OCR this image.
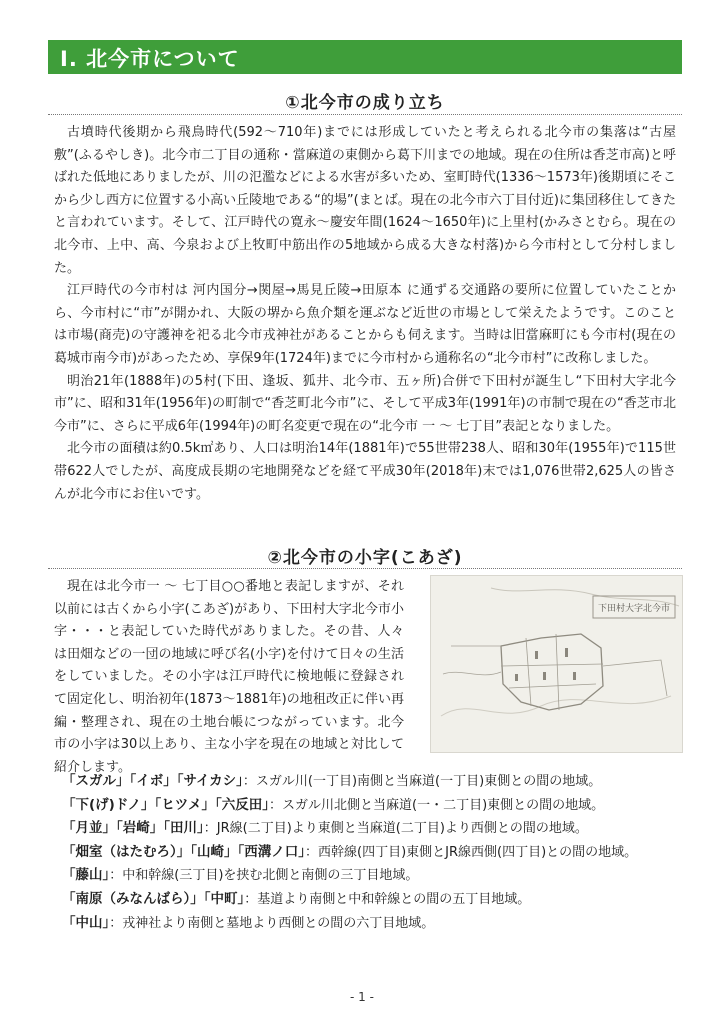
I. 北今市について
①北今市の成り立ち

古墳時代後期から飛鳥時代(592〜710年)までには形成していたと考えられる北今市の集落は“古屋敷”(ふるやしき)。北今市二丁目の通称・當麻道の東側から葛下川までの地域。現在の住所は香芝市高)と呼ばれた低地にありましたが、川の氾濫などによる水害が多いため、室町時代(1336〜1573年)後期頃にそこから少し西方に位置する小高い丘陵地である“的場”(まとば。現在の北今市六丁目付近)に集団移住してきたと言われています。そして、江戸時代の寛永〜慶安年間(1624〜1650年)に上里村(かみさとむら。現在の北今市、上中、高、今泉および上牧町中筋出作の5地域から成る大きな村落)から今市村として分村しました。

江戸時代の今市村は 河内国分→関屋→馬見丘陵→田原本 に通ずる交通路の要所に位置していたことから、今市村に“市”が開かれ、大阪の堺から魚介類を運ぶなど近世の市場として栄えたようです。このことは市場(商売)の守護神を祀る北今市戎神社があることからも伺えます。当時は旧當麻町にも今市村(現在の葛城市南今市)があったため、享保9年(1724年)までに今市村から通称名の“北今市村”に改称しました。

明治21年(1888年)の5村(下田、逢坂、狐井、北今市、五ヶ所)合併で下田村が誕生し“下田村大字北今市”に、昭和31年(1956年)の町制で“香芝町北今市”に、そして平成3年(1991年)の市制で現在の“香芝市北今市”に、さらに平成6年(1994年)の町名変更で現在の“北今市 一 〜 七丁目”表記となりました。

北今市の面積は約0.5k㎡あり、人口は明治14年(1881年)で55世帯238人、昭和30年(1955年)で115世帯622人でしたが、高度成長期の宅地開発などを経て平成30年(2018年)末では1,076世帯2,625人の皆さんが北今市にお住いです。

②北今市の小字(こあざ)

現在は北今市一 〜 七丁目○○番地と表記しますが、それ以前には古くから小字(こあざ)があり、下田村大字北今市小字・・・と表記していた時代がありました。その昔、人々は田畑などの一団の地域に呼び名(小字)を付けて日々の生活をしていました。その小字は江戸時代に検地帳に登録されて固定化し、明治初年(1873〜1881年)の地租改正に伴い再編・整理され、現在の土地台帳につながっています。北今市の小字は30以上あり、主な小字を現在の地域と対比して紹介します。

下田村大字北今市
「スガル」「イボ」「サイカシ」：スガル川(一丁目)南側と当麻道(一丁目)東側との間の地域。
「下(げ)ドノ」「ヒツメ」「六反田」：スガル川北側と当麻道(一・二丁目)東側との間の地域。
「月並」「岩崎」「田川」：JR線(二丁目)より東側と当麻道(二丁目)より西側との間の地域。
「畑室（はたむろ）」「山崎」「西溝ノ口」：西幹線(四丁目)東側とJR線西側(四丁目)との間の地域。
「藤山」：中和幹線(三丁目)を挟む北側と南側の三丁目地域。
「南原（みなんばら）」「中町」：基道より南側と中和幹線との間の五丁目地域。
「中山」：戎神社より南側と墓地より西側との間の六丁目地域。
- 1 -
